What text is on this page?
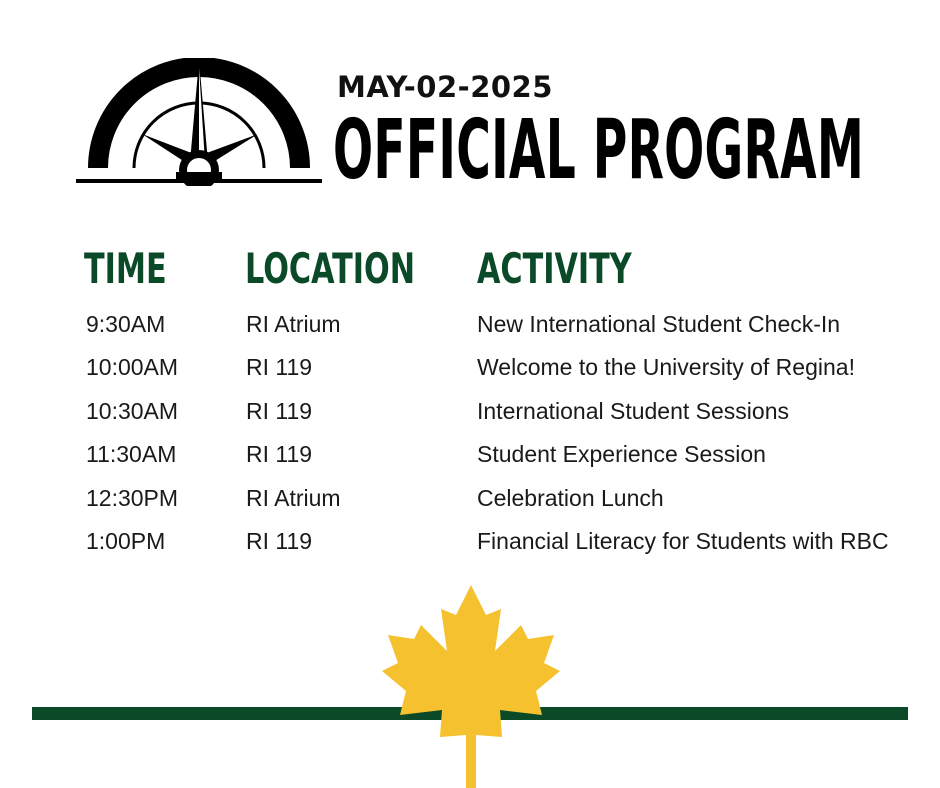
MAY-02-2025
OFFICIAL PROGRAM
TIME LOCATION ACTIVITY
9:30AM	RI Atrium	New International Student Check-In
10:00AM	RI 119	Welcome to the University of Regina!
10:30AM	RI 119	International Student Sessions
11:30AM	RI 119	Student Experience Session
12:30PM	RI Atrium	Celebration Lunch
1:00PM	RI 119	Financial Literacy for Students with RBC
